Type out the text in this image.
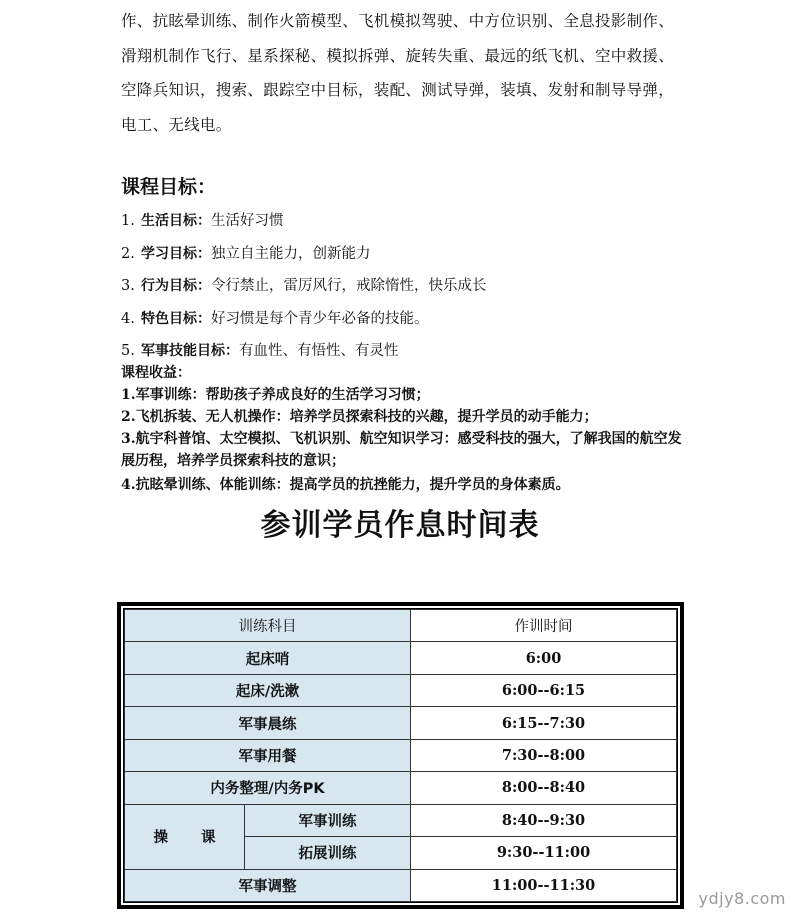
作、抗眩晕训练、制作火箭模型、飞机模拟驾驶、中方位识别、全息投影制作、

滑翔机制作飞行、星系探秘、模拟拆弹、旋转失重、最远的纸飞机、空中救援、

空降兵知识，搜索、跟踪空中目标，装配、测试导弹，装填、发射和制导导弹，

电工、无线电。

课程目标：
1. 生活目标：生活好习惯
2. 学习目标：独立自主能力，创新能力
3. 行为目标：令行禁止，雷厉风行，戒除惰性，快乐成长
4. 特色目标：好习惯是每个青少年必备的技能。
5. 军事技能目标：有血性、有悟性、有灵性
课程收益：
1.军事训练：帮助孩子养成良好的生活学习习惯；
2.飞机拆装、无人机操作：培养学员探索科技的兴趣，提升学员的动手能力；
3.航宇科普馆、太空模拟、飞机识别、航空知识学习：感受科技的强大，了解我国的航空发展历程，培养学员探索科技的意识；
4.抗眩晕训练、体能训练：提高学员的抗挫能力，提升学员的身体素质。
参训学员作息时间表
训练科目		作训时间
起床哨		6:00
起床/洗漱		6:00--6:15
军事晨练		6:15--7:30
军事用餐		7:30--8:00
内务整理/内务PK		8:00--8:40
操 课	军事训练	8:40--9:30
	拓展训练	9:30--11:00
军事调整		11:00--11:30
ydjy8.com
